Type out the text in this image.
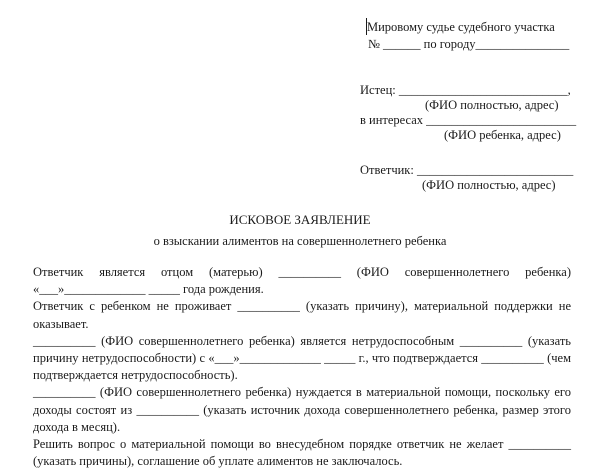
Мировому судье судебного участка
№ ______ по городу_______________
Истец: ___________________________,
(ФИО полностью, адрес)
в интересах ________________________
(ФИО ребенка, адрес)
Ответчик: _________________________
(ФИО полностью, адрес)
ИСКОВОЕ ЗАЯВЛЕНИЕ
о взыскании алиментов на совершеннолетнего ребенка

Ответчик является отцом (матерью) __________ (ФИО совершеннолетнего ребенка) «___»_____________ _____ года рождения.

Ответчик с ребенком не проживает __________ (указать причину), материальной поддержки не оказывает.

__________ (ФИО совершеннолетнего ребенка) является нетрудоспособным __________ (указать причину нетрудоспособности) с «___»_____________ _____ г., что подтверждается __________ (чем подтверждается нетрудоспособность).

__________ (ФИО совершеннолетнего ребенка) нуждается в материальной помощи, поскольку его доходы состоят из __________ (указать источник дохода совершеннолетнего ребенка, размер этого дохода в месяц).

Решить вопрос о материальной помощи во внесудебном порядке ответчик не желает __________ (указать причины), соглашение об уплате алиментов не заключалось.
